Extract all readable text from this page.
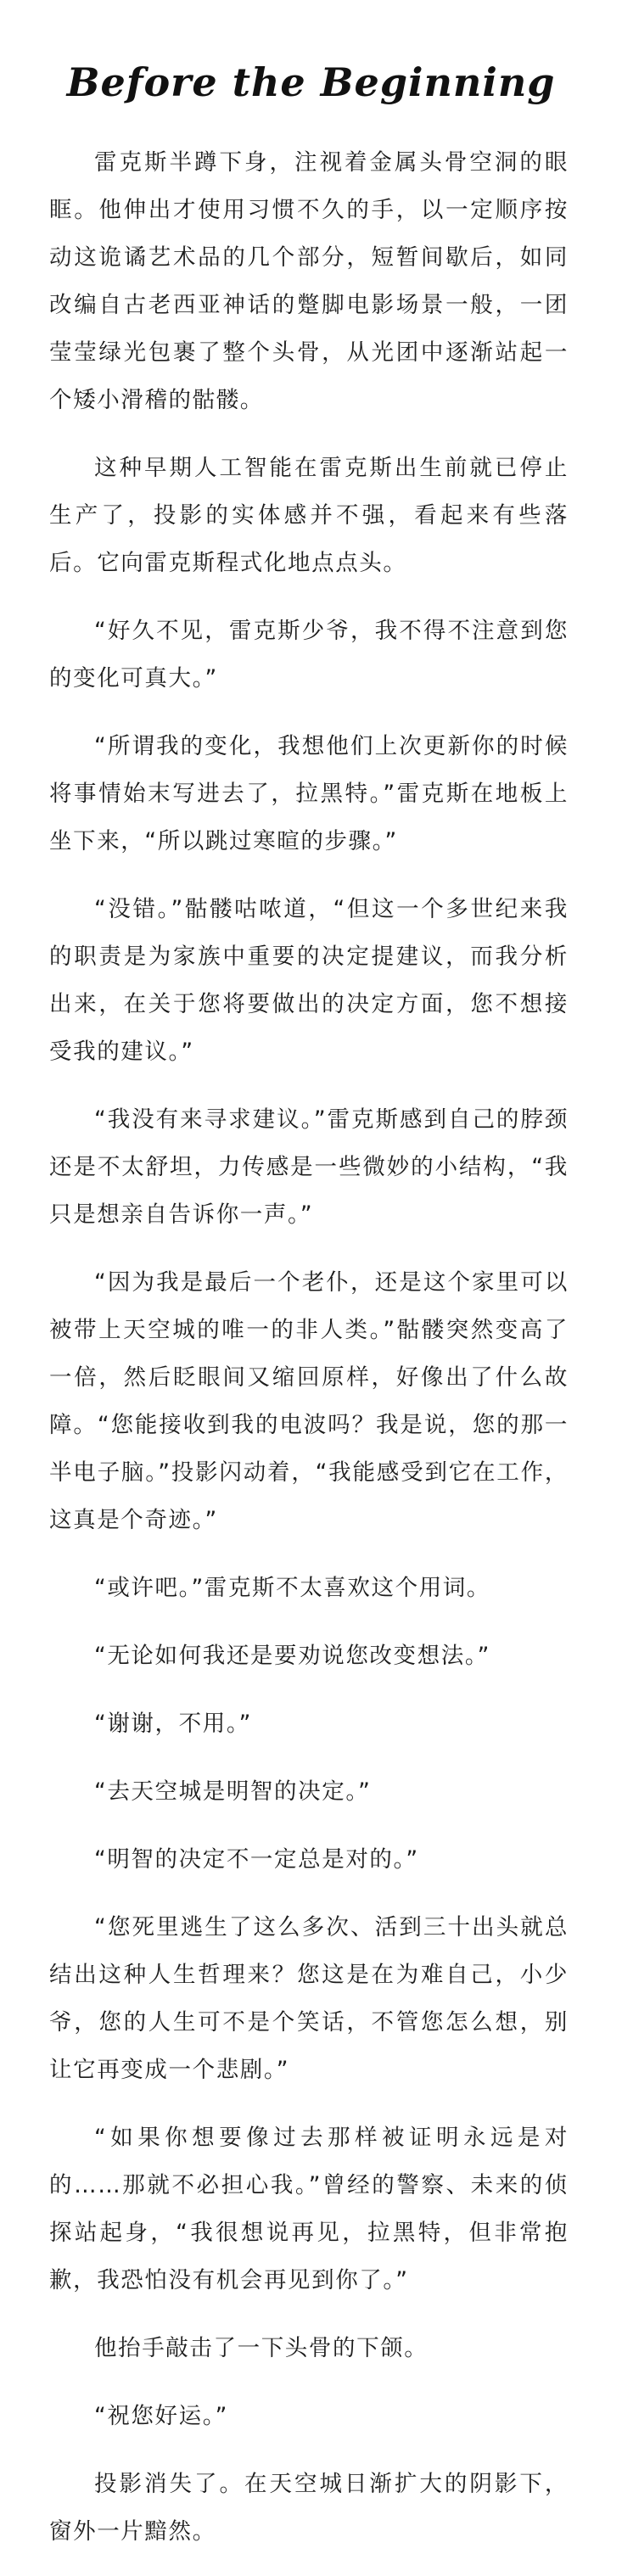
Before the Beginning

雷克斯半蹲下身，注视着金属头骨空洞的眼眶。他伸出才使用习惯不久的手，以一定顺序按动这诡谲艺术品的几个部分，短暂间歇后，如同改编自古老西亚神话的蹩脚电影场景一般，一团莹莹绿光包裹了整个头骨，从光团中逐渐站起一个矮小滑稽的骷髅。

这种早期人工智能在雷克斯出生前就已停止生产了，投影的实体感并不强，看起来有些落后。它向雷克斯程式化地点点头。

“好久不见，雷克斯少爷，我不得不注意到您的变化可真大。”

“所谓我的变化，我想他们上次更新你的时候将事情始末写进去了，拉黑特。”雷克斯在地板上坐下来，“所以跳过寒暄的步骤。”

“没错。”骷髅咕哝道，“但这一个多世纪来我的职责是为家族中重要的决定提建议，而我分析出来，在关于您将要做出的决定方面，您不想接受我的建议。”

“我没有来寻求建议。”雷克斯感到自己的脖颈还是不太舒坦，力传感是一些微妙的小结构，“我只是想亲自告诉你一声。”

“因为我是最后一个老仆，还是这个家里可以被带上天空城的唯一的非人类。”骷髅突然变高了一倍，然后眨眼间又缩回原样，好像出了什么故障。“您能接收到我的电波吗？我是说，您的那一半电子脑。”投影闪动着，“我能感受到它在工作，这真是个奇迹。”

“或许吧。”雷克斯不太喜欢这个用词。

“无论如何我还是要劝说您改变想法。”

“谢谢，不用。”

“去天空城是明智的决定。”

“明智的决定不一定总是对的。”

“您死里逃生了这么多次、活到三十出头就总结出这种人生哲理来？您这是在为难自己，小少爷，您的人生可不是个笑话，不管您怎么想，别让它再变成一个悲剧。”

“如果你想要像过去那样被证明永远是对的……那就不必担心我。”曾经的警察、未来的侦探站起身，“我很想说再见，拉黑特，但非常抱歉，我恐怕没有机会再见到你了。”

他抬手敲击了一下头骨的下颌。

“祝您好运。”

投影消失了。在天空城日渐扩大的阴影下，窗外一片黯然。
